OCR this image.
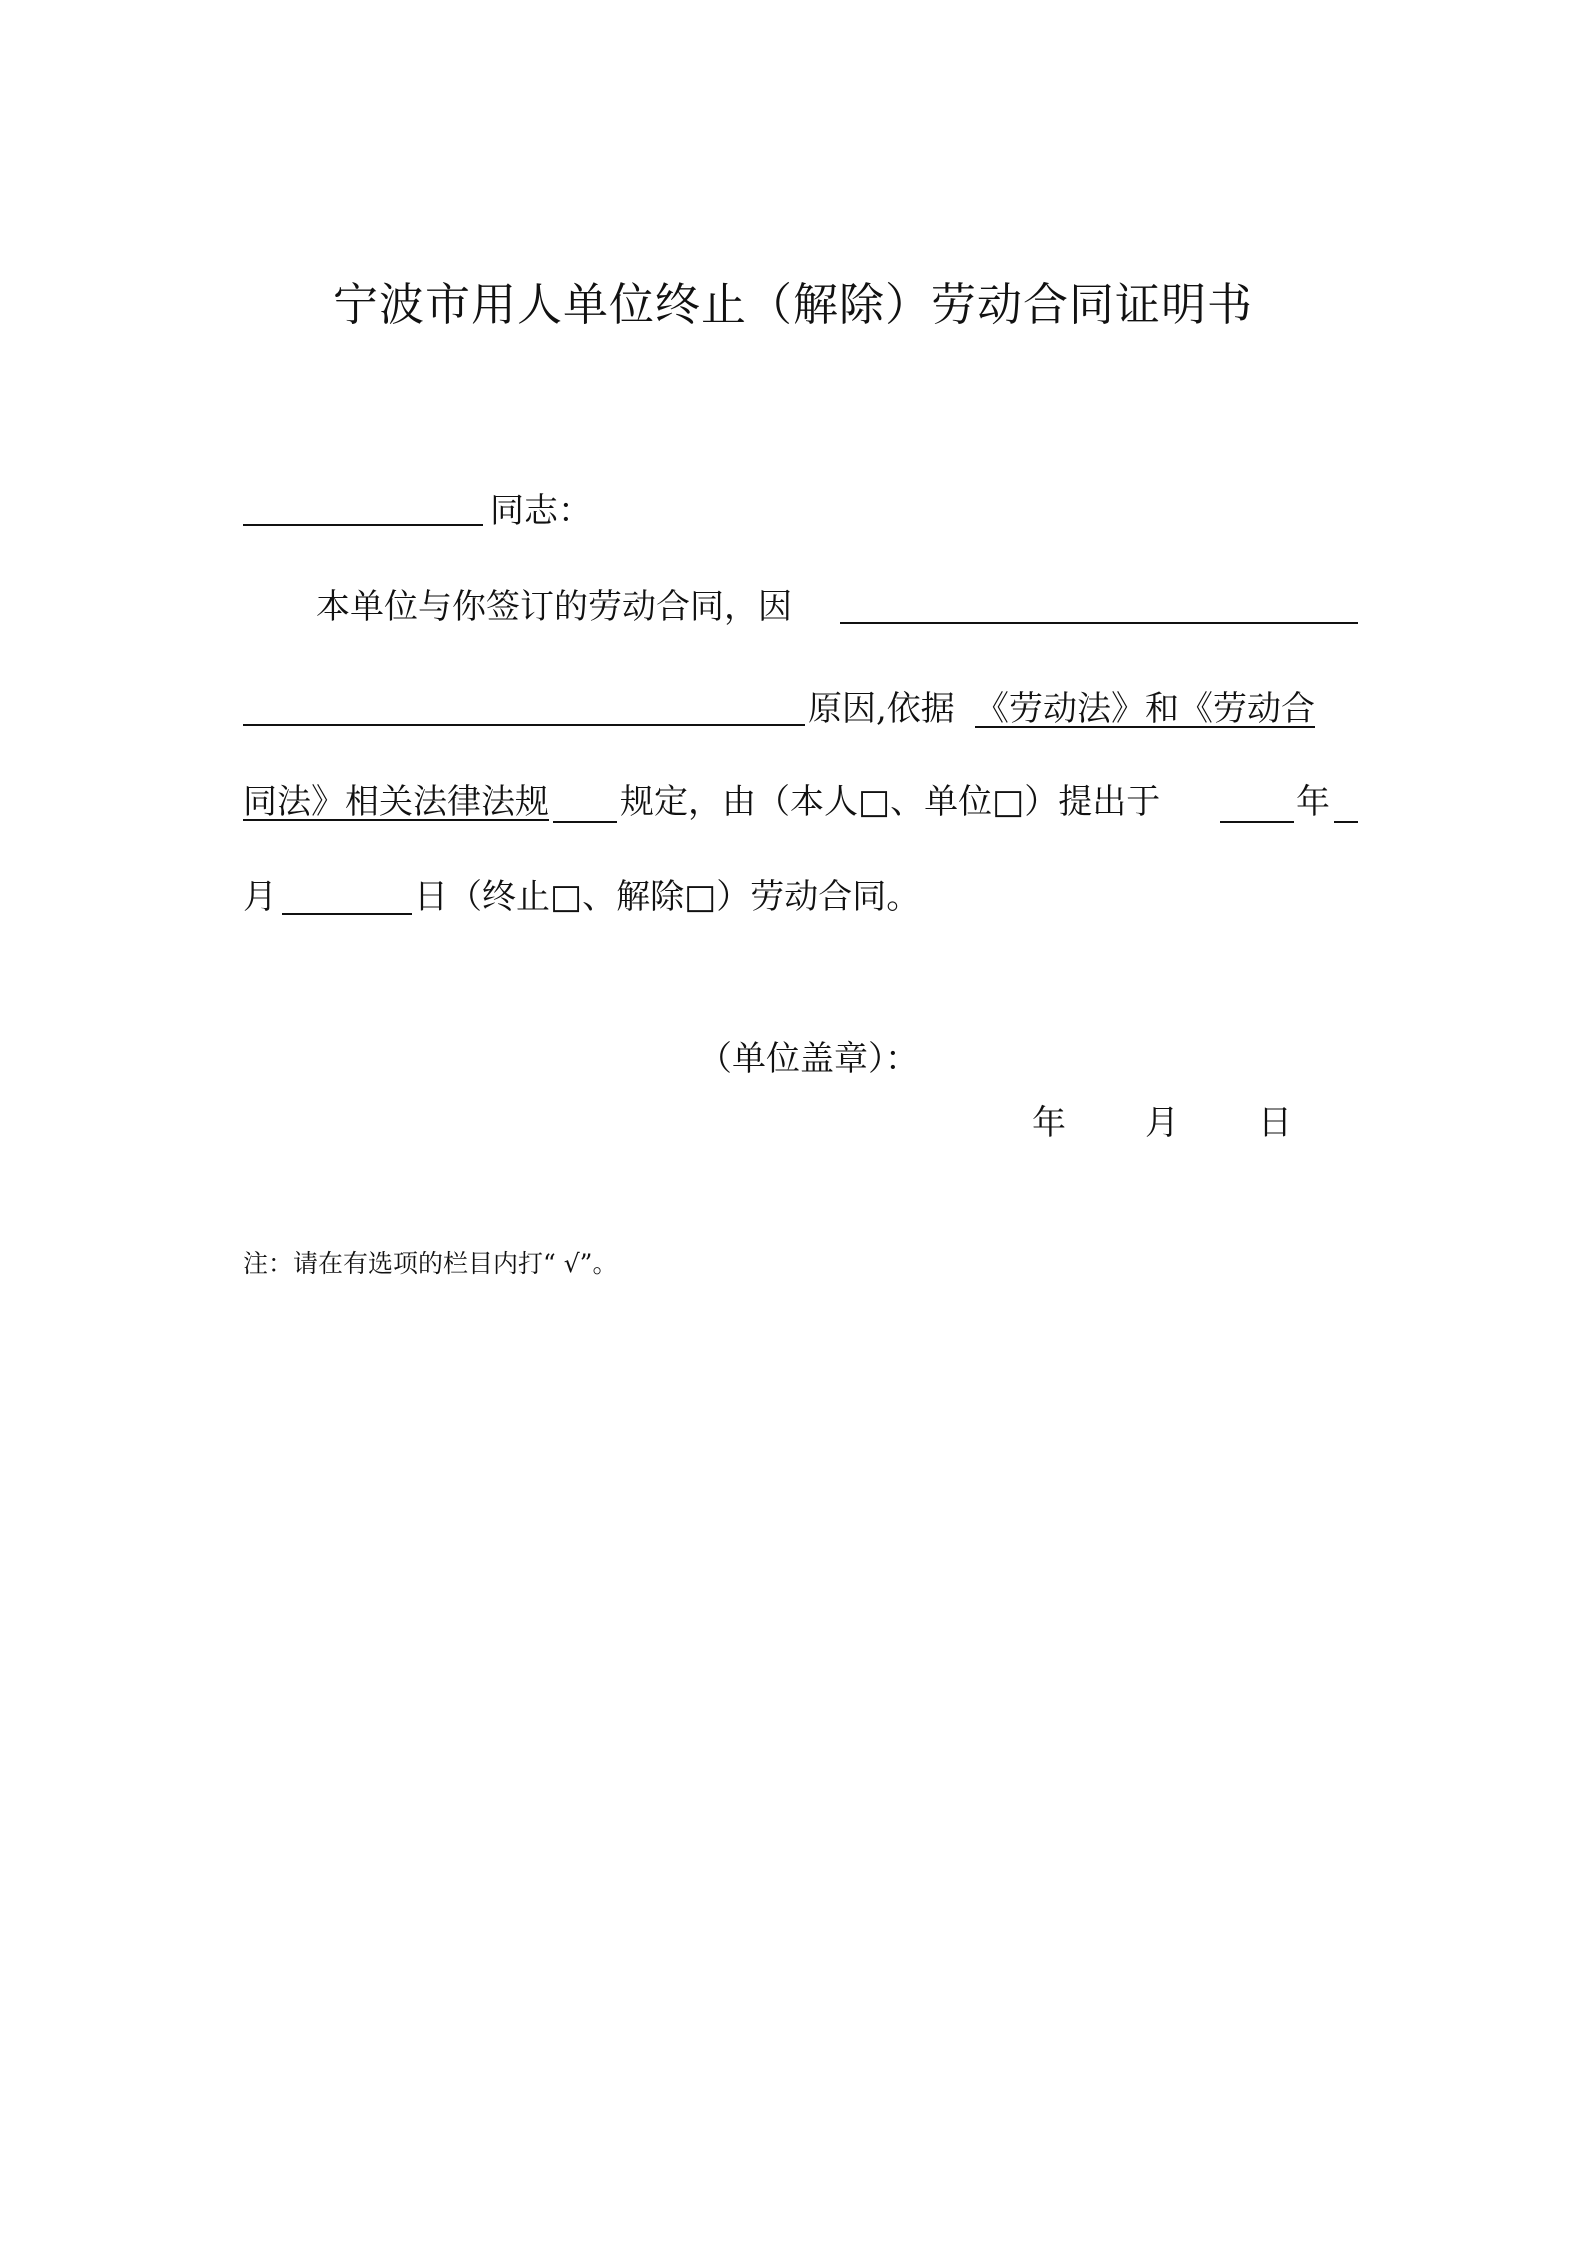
宁波市用人单位终止（解除）劳动合同证明书
同志：
本单位与你签订的劳动合同，因
原因,依据 《劳动法》和《劳动合
同法》相关法律法规 规定，由（本人□、单位□）提出于	年
月	日（终止□、解除□）劳动合同。
（单位盖章）：
年 月 日
注：请在有选项的栏目内打“ √”。
